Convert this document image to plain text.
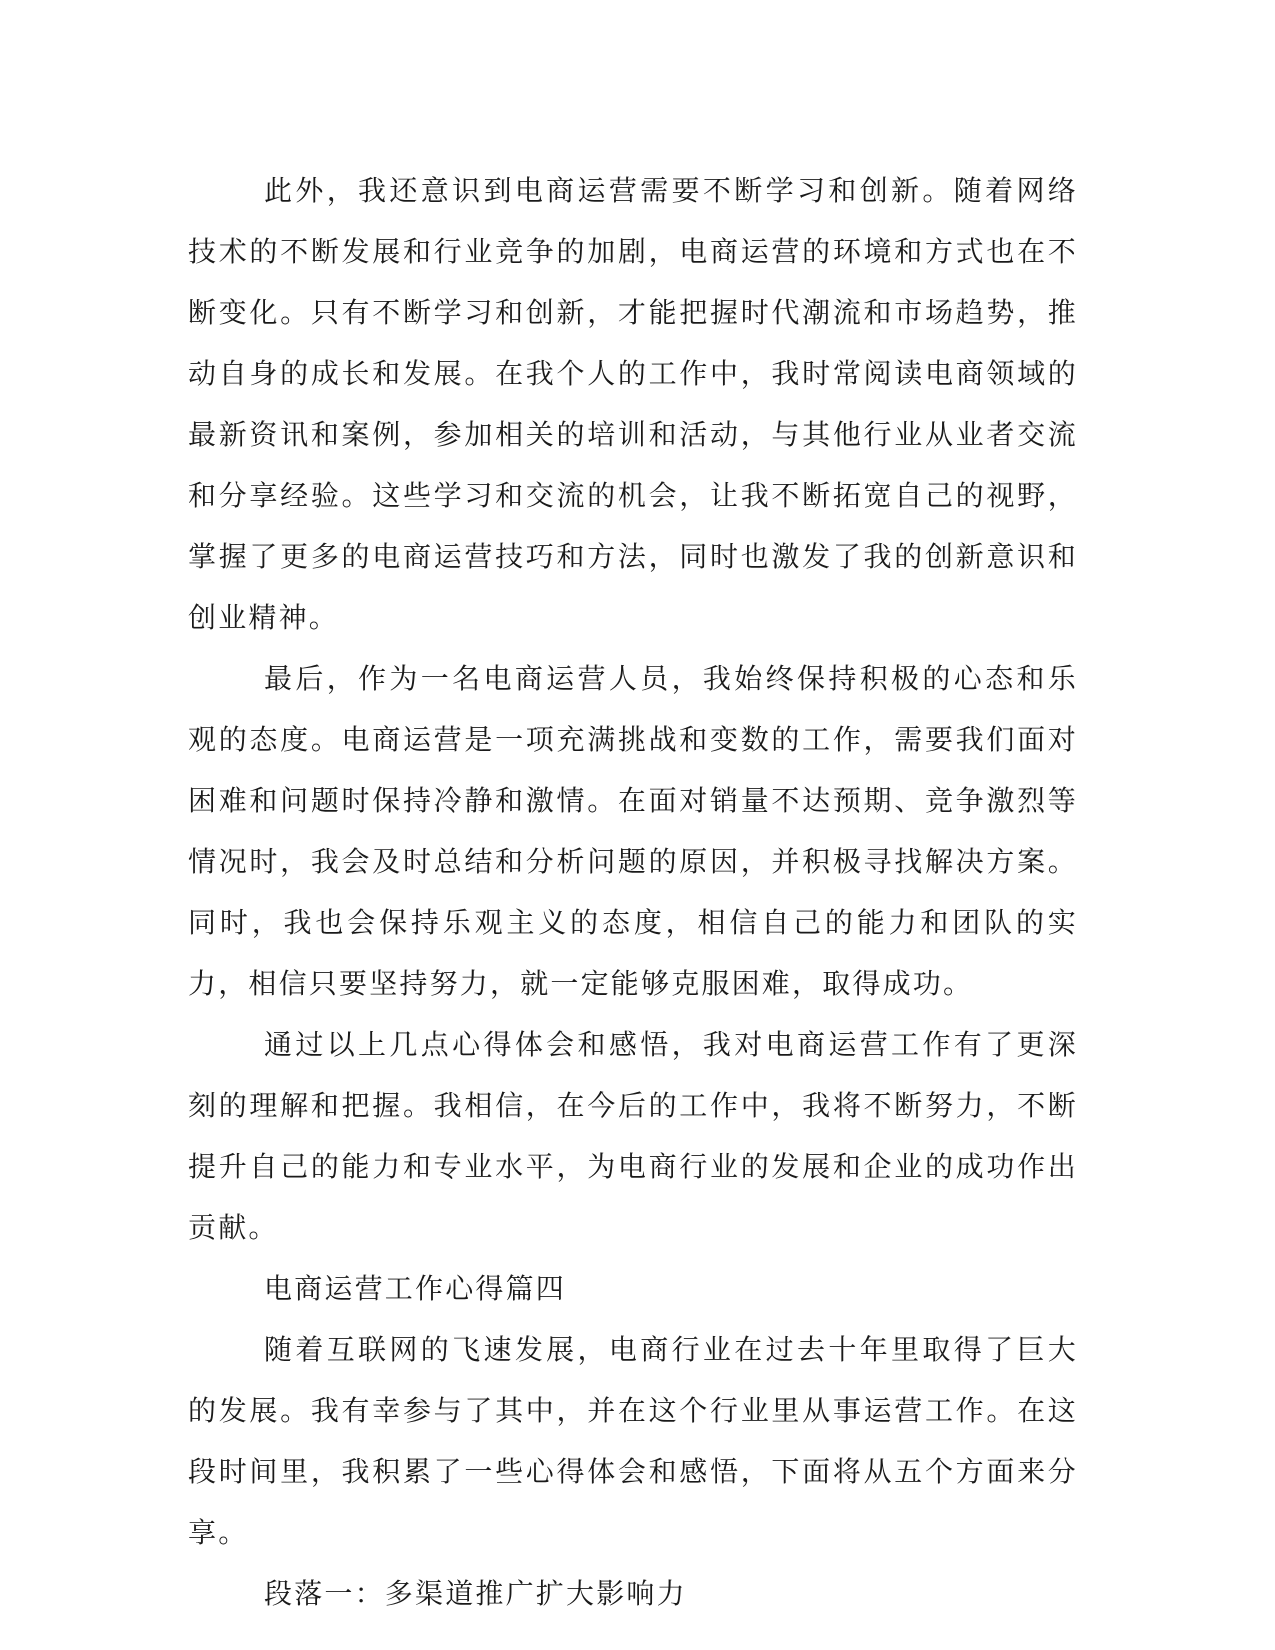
此外，我还意识到电商运营需要不断学习和创新。随着网络技术的不断发展和行业竞争的加剧，电商运营的环境和方式也在不断变化。只有不断学习和创新，才能把握时代潮流和市场趋势，推动自身的成长和发展。在我个人的工作中，我时常阅读电商领域的最新资讯和案例，参加相关的培训和活动，与其他行业从业者交流和分享经验。这些学习和交流的机会，让我不断拓宽自己的视野，掌握了更多的电商运营技巧和方法，同时也激发了我的创新意识和创业精神。

最后，作为一名电商运营人员，我始终保持积极的心态和乐观的态度。电商运营是一项充满挑战和变数的工作，需要我们面对困难和问题时保持冷静和激情。在面对销量不达预期、竞争激烈等情况时，我会及时总结和分析问题的原因，并积极寻找解决方案。同时，我也会保持乐观主义的态度，相信自己的能力和团队的实力，相信只要坚持努力，就一定能够克服困难，取得成功。

通过以上几点心得体会和感悟，我对电商运营工作有了更深刻的理解和把握。我相信，在今后的工作中，我将不断努力，不断提升自己的能力和专业水平，为电商行业的发展和企业的成功作出贡献。

电商运营工作心得篇四

随着互联网的飞速发展，电商行业在过去十年里取得了巨大的发展。我有幸参与了其中，并在这个行业里从事运营工作。在这段时间里，我积累了一些心得体会和感悟，下面将从五个方面来分享。

段落一：多渠道推广扩大影响力
